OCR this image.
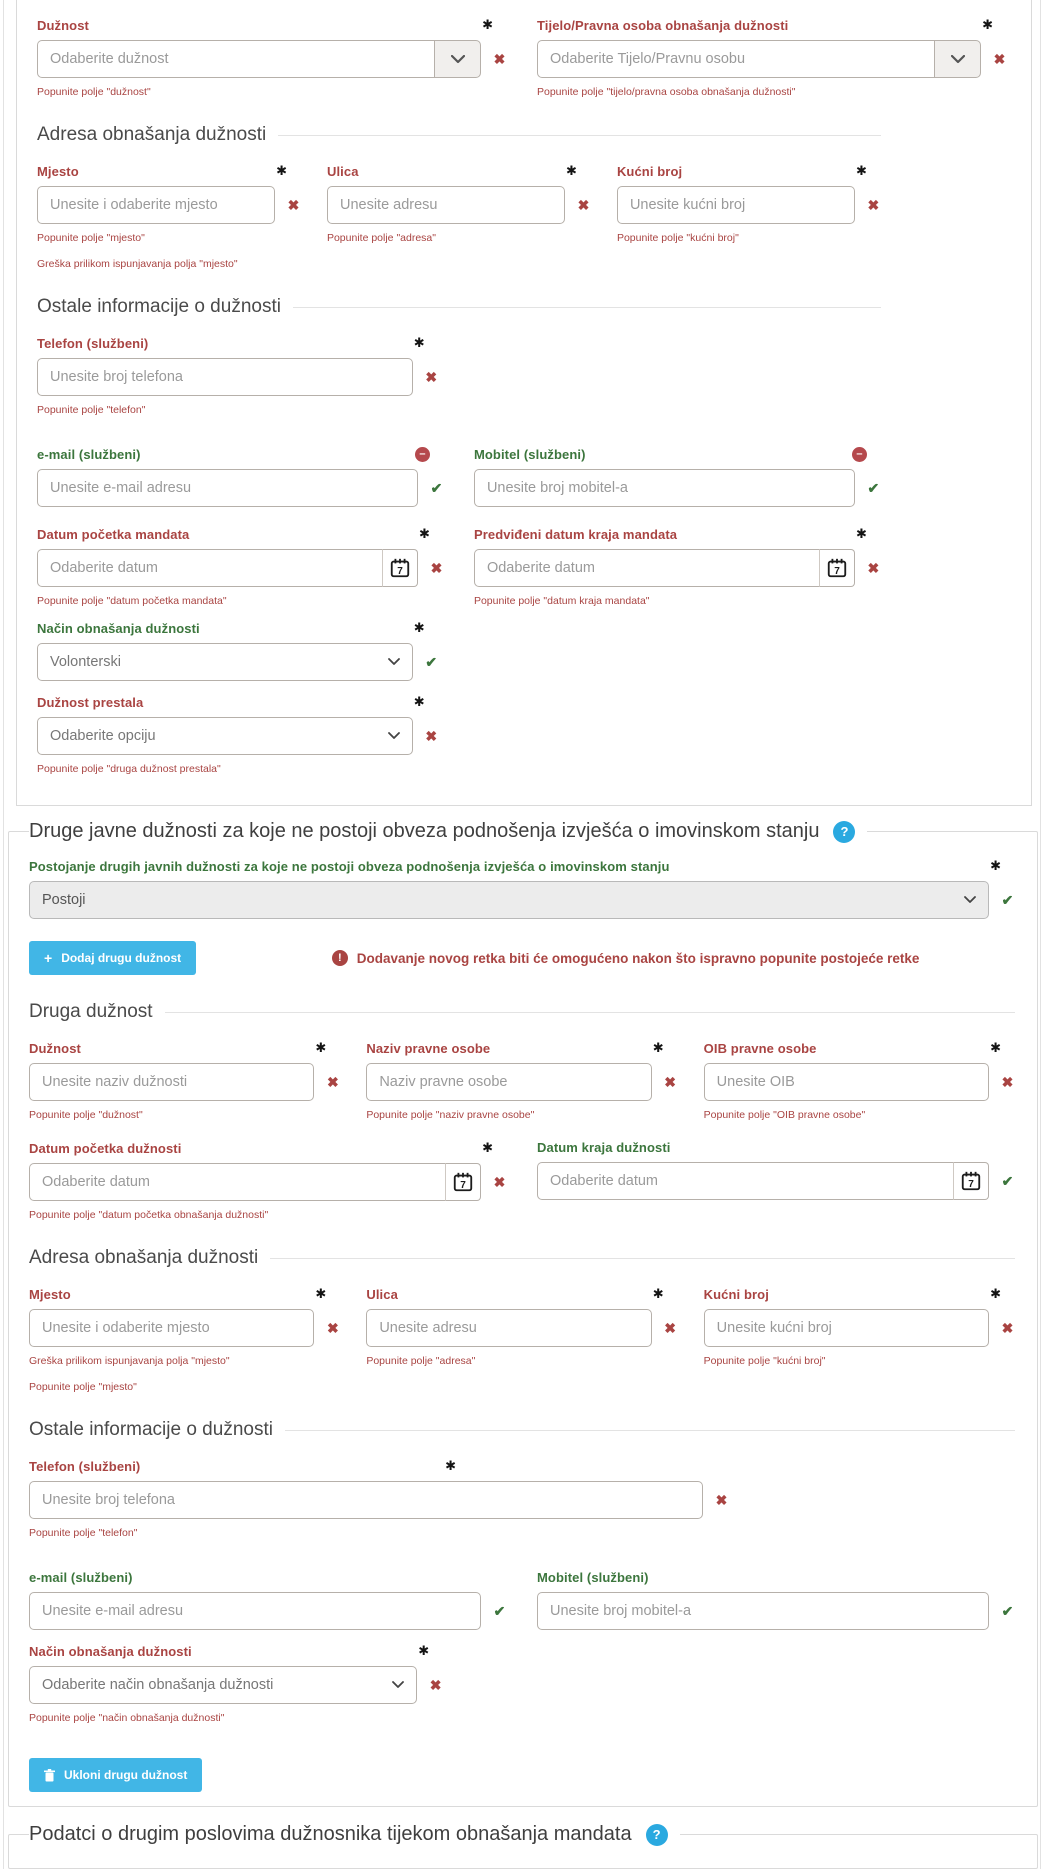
Dužnost	✱
Odaberite dužnost
✖
Popunite polje "dužnost"
Tijelo/Pravna osoba obnašanja dužnosti	✱
Odaberite Tijelo/Pravnu osobu
✖
Popunite polje "tijelo/pravna osoba obnašanja dužnosti"
Adresa obnašanja dužnosti
Mjesto	✱
Unesite i odaberite mjesto
✖
Popunite polje "mjesto"
Greška prilikom ispunjavanja polja "mjesto"
Ulica	✱
Unesite adresu
✖
Popunite polje "adresa"
Kućni broj	✱
Unesite kućni broj
✖
Popunite polje "kućni broj"
Ostale informacije o dužnosti
Telefon (službeni)	✱
Unesite broj telefona
✖
Popunite polje "telefon"
e-mail (službeni)	–
Unesite e-mail adresu
✔
Mobitel (službeni)	–
Unesite broj mobitel-a
✔
Datum početka mandata	✱
Odaberite datum
7 ✖
Popunite polje "datum početka mandata"
Predviđeni datum kraja mandata	✱
Odaberite datum
7 ✖
Popunite polje "datum kraja mandata"
Način obnašanja dužnosti	✱
Volonterski	✔
Dužnost prestala	✱
Odaberite opciju	✖
Popunite polje "druga dužnost prestala"
Druge javne dužnosti za koje ne postoji obveza podnošenja izvješća o imovinskom stanju	?
Postojanje drugih javnih dužnosti za koje ne postoji obveza podnošenja izvješća o imovinskom stanju	✱
Postoji	✔
+ Dodaj drugu dužnost	!	Dodavanje novog retka biti će omogućeno nakon što ispravno popunite postojeće retke
Druga dužnost
Dužnost	✱
Unesite naziv dužnosti
✖
Popunite polje "dužnost"
Naziv pravne osobe	✱
Naziv pravne osobe
✖
Popunite polje "naziv pravne osobe"
OIB pravne osobe	✱
Unesite OIB
✖
Popunite polje "OIB pravne osobe"
Datum početka dužnosti	✱
Odaberite datum
7 ✖
Popunite polje "datum početka obnašanja dužnosti"
Datum kraja dužnosti
Odaberite datum
7 ✔
Adresa obnašanja dužnosti
Mjesto	✱
Unesite i odaberite mjesto
✖
Greška prilikom ispunjavanja polja "mjesto"
Popunite polje "mjesto"
Ulica	✱
Unesite adresu
✖
Popunite polje "adresa"
Kućni broj	✱
Unesite kućni broj
✖
Popunite polje "kućni broj"
Ostale informacije o dužnosti
Telefon (službeni)	✱
Unesite broj telefona
✖
Popunite polje "telefon"
e-mail (službeni)
Unesite e-mail adresu
✔
Mobitel (službeni)
Unesite broj mobitel-a
✔
Način obnašanja dužnosti	✱
Odaberite način obnašanja dužnosti	✖
Popunite polje "način obnašanja dužnosti"
Ukloni drugu dužnost
Podatci o drugim poslovima dužnosnika tijekom obnašanja mandata	?
